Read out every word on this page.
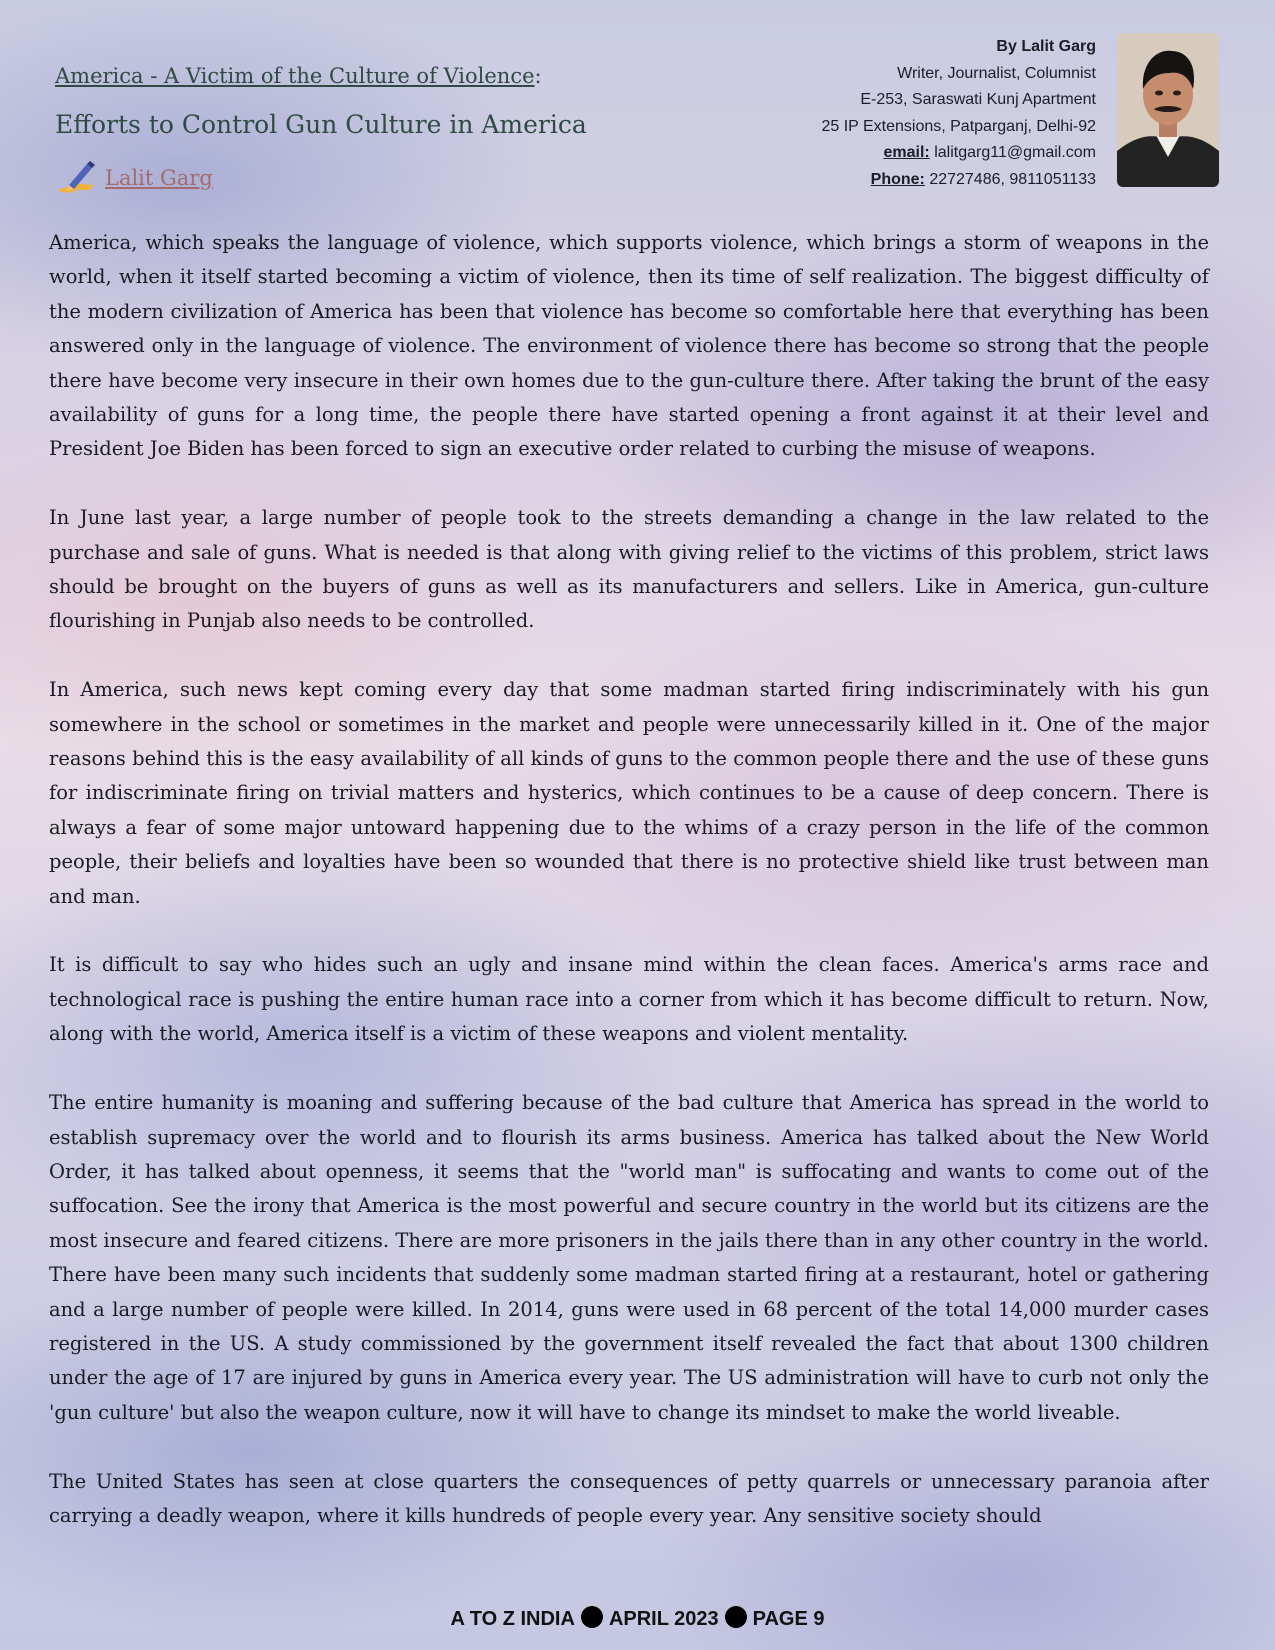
America - A Victim of the Culture of Violence:
Efforts to Control Gun Culture in America
Lalit Garg
By Lalit Garg
Writer, Journalist, Columnist
E-253, Saraswati Kunj Apartment
25 IP Extensions, Patparganj, Delhi-92
email: lalitgarg11@gmail.com
Phone: 22727486, 9811051133

America, which speaks the language of violence, which supports violence, which brings a storm of weapons in the world, when it itself started becoming a victim of violence, then its time of self realization. The biggest difficulty of the modern civilization of America has been that violence has become so comfortable here that everything has been answered only in the language of violence. The environment of violence there has become so strong that the people there have become very insecure in their own homes due to the gun-culture there. After taking the brunt of the easy availability of guns for a long time, the people there have started opening a front against it at their level and President Joe Biden has been forced to sign an executive order related to curbing the misuse of weapons.

In June last year, a large number of people took to the streets demanding a change in the law related to the purchase and sale of guns. What is needed is that along with giving relief to the victims of this problem, strict laws should be brought on the buyers of guns as well as its manufacturers and sellers. Like in America, gun-culture flourishing in Punjab also needs to be controlled.

In America, such news kept coming every day that some madman started firing indiscriminately with his gun somewhere in the school or sometimes in the market and people were unnecessarily killed in it. One of the major reasons behind this is the easy availability of all kinds of guns to the common people there and the use of these guns for indiscriminate firing on trivial matters and hysterics, which continues to be a cause of deep concern. There is always a fear of some major untoward happening due to the whims of a crazy person in the life of the common people, their beliefs and loyalties have been so wounded that there is no protective shield like trust between man and man.

It is difficult to say who hides such an ugly and insane mind within the clean faces. America's arms race and technological race is pushing the entire human race into a corner from which it has become difficult to return. Now, along with the world, America itself is a victim of these weapons and violent mentality.

The entire humanity is moaning and suffering because of the bad culture that America has spread in the world to establish supremacy over the world and to flourish its arms business. America has talked about the New World Order, it has talked about openness, it seems that the "world man" is suffocating and wants to come out of the suffocation. See the irony that America is the most powerful and secure country in the world but its citizens are the most insecure and feared citizens. There are more prisoners in the jails there than in any other country in the world. There have been many such incidents that suddenly some madman started firing at a restaurant, hotel or gathering and a large number of people were killed. In 2014, guns were used in 68 percent of the total 14,000 murder cases registered in the US. A study commissioned by the government itself revealed the fact that about 1300 children under the age of 17 are injured by guns in America every year. The US administration will have to curb not only the 'gun culture' but also the weapon culture, now it will have to change its mindset to make the world liveable.

The United States has seen at close quarters the consequences of petty quarrels or unnecessary paranoia after carrying a deadly weapon, where it kills hundreds of people every year. Any sensitive society should

A TO Z INDIA APRIL 2023 PAGE 9
